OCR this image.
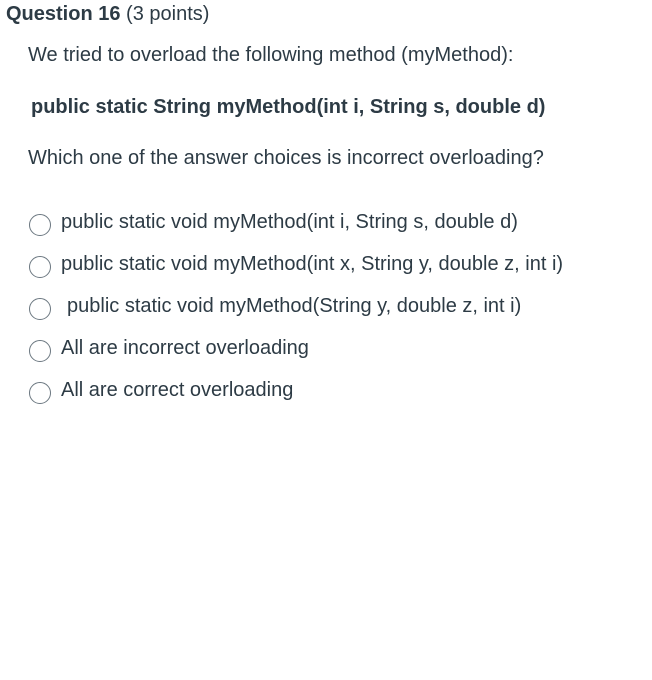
Question 16 (3 points)
We tried to overload the following method (myMethod):
public static String myMethod(int i, String s, double d)
Which one of the answer choices is incorrect overloading?
public static void myMethod(int i, String s, double d)
public static void myMethod(int x, String y, double z, int i)
public static void myMethod(String y, double z, int i)
All are incorrect overloading
All are correct overloading
